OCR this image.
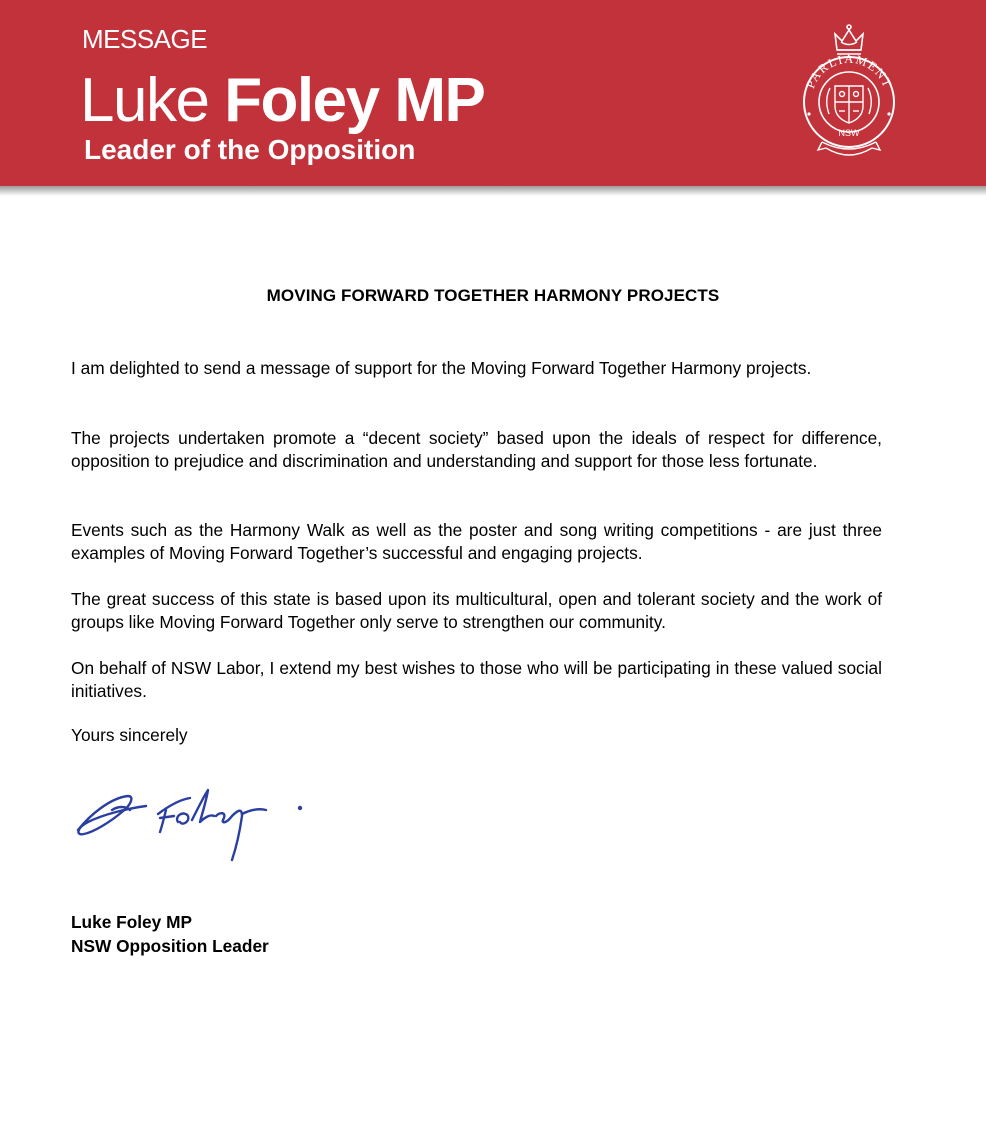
MESSAGE
Luke Foley MP
Leader of the Opposition
PARLIAMENT
NSW
MOVING FORWARD TOGETHER HARMONY PROJECTS

I am delighted to send a message of support for the Moving Forward Together Harmony projects.

The projects undertaken promote a “decent society” based upon the ideals of respect for difference, opposition to prejudice and discrimination and understanding and support for those less fortunate.

Events such as the Harmony Walk as well as the poster and song writing competitions - are just three examples of Moving Forward Together’s successful and engaging projects.

The great success of this state is based upon its multicultural, open and tolerant society and the work of groups like Moving Forward Together only serve to strengthen our community.

On behalf of NSW Labor, I extend my best wishes to those who will be participating in these valued social initiatives.

Yours sincerely
Luke Foley MP
NSW Opposition Leader
